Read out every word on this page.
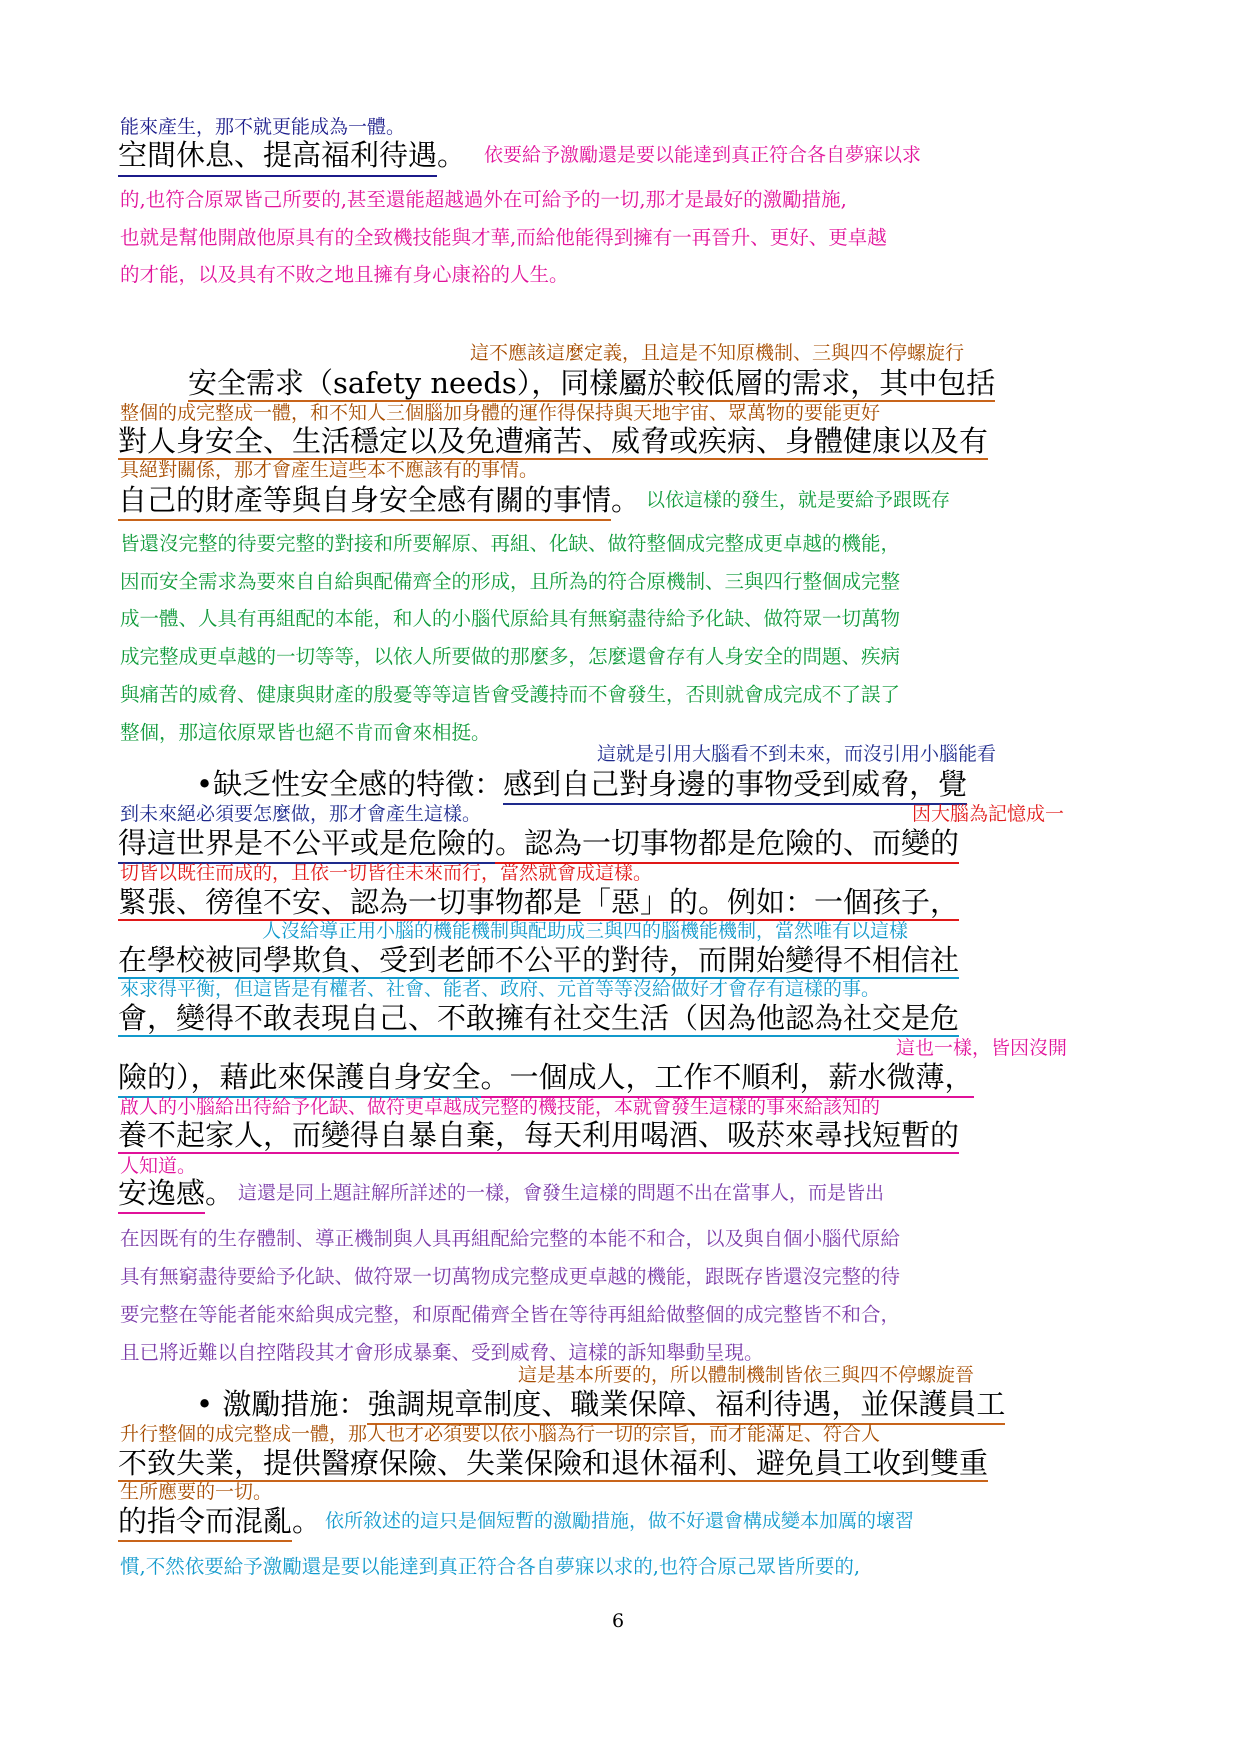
能來產生，那不就更能成為一體。
空間休息、提高福利待遇。 依要給予激勵還是要以能達到真正符合各自夢寐以求
的,也符合原眾皆己所要的,甚至還能超越過外在可給予的一切,那才是最好的激勵措施,
也就是幫他開啟他原具有的全致機技能與才華,而給他能得到擁有一再晉升、更好、更卓越
的才能，以及具有不敗之地且擁有身心康裕的人生。
這不應該這麼定義，且這是不知原機制、三與四不停螺旋行
安全需求（safety needs），同樣屬於較低層的需求，其中包括
整個的成完整成一體，和不知人三個腦加身體的運作得保持與天地宇宙、眾萬物的要能更好
對人身安全、生活穩定以及免遭痛苦、威脅或疾病、身體健康以及有
具絕對關係，那才會產生這些本不應該有的事情。
自己的財產等與自身安全感有關的事情。 以依這樣的發生，就是要給予跟既存
皆還沒完整的待要完整的對接和所要解原、再組、化缺、做符整個成完整成更卓越的機能，
因而安全需求為要來自自給與配備齊全的形成，且所為的符合原機制、三與四行整個成完整
成一體、人具有再組配的本能，和人的小腦代原給具有無窮盡待給予化缺、做符眾一切萬物
成完整成更卓越的一切等等，以依人所要做的那麼多，怎麼還會存有人身安全的問題、疾病
與痛苦的威脅、健康與財產的殷憂等等這皆會受護持而不會發生，否則就會成完成不了誤了
整個，那這依原眾皆也絕不肯而會來相挺。
這就是引用大腦看不到未來，而沒引用小腦能看
•缺乏性安全感的特徵：感到自己對身邊的事物受到威脅，覺
到未來絕必須要怎麼做，那才會產生這樣。	因大腦為記憶成一
得這世界是不公平或是危險的。認為一切事物都是危險的、而變的
切皆以既往而成的，且依一切皆往未來而行，當然就會成這樣。
緊張、徬徨不安、認為一切事物都是「惡」的。例如：一個孩子，
人沒給導正用小腦的機能機制與配助成三與四的腦機能機制，當然唯有以這樣
在學校被同學欺負、受到老師不公平的對待，而開始變得不相信社
來求得平衡，但這皆是有權者、社會、能者、政府、元首等等沒給做好才會存有這樣的事。
會，變得不敢表現自己、不敢擁有社交生活（因為他認為社交是危
這也一樣，皆因沒開
險的），藉此來保護自身安全。一個成人，工作不順利，薪水微薄，
啟人的小腦給出待給予化缺、做符更卓越成完整的機技能，本就會發生這樣的事來給該知的
養不起家人，而變得自暴自棄，每天利用喝酒、吸菸來尋找短暫的
人知道。
安逸感。 這還是同上題註解所詳述的一樣，會發生這樣的問題不出在當事人，而是皆出
在因既有的生存體制、導正機制與人具再組配給完整的本能不和合，以及與自個小腦代原給
具有無窮盡待要給予化缺、做符眾一切萬物成完整成更卓越的機能，跟既存皆還沒完整的待
要完整在等能者能來給與成完整，和原配備齊全皆在等待再組給做整個的成完整皆不和合，
且已將近難以自控階段其才會形成暴棄、受到威脅、這樣的訴知舉動呈現。
這是基本所要的，所以體制機制皆依三與四不停螺旋晉
• 激勵措施：強調規章制度、職業保障、福利待遇，並保護員工
升行整個的成完整成一體，那人也才必須要以依小腦為行一切的宗旨，而才能滿足、符合人
不致失業，提供醫療保險、失業保險和退休福利、避免員工收到雙重
生所應要的一切。
的指令而混亂。 依所敘述的這只是個短暫的激勵措施，做不好還會構成變本加厲的壞習
慣,不然依要給予激勵還是要以能達到真正符合各自夢寐以求的,也符合原己眾皆所要的,
6
